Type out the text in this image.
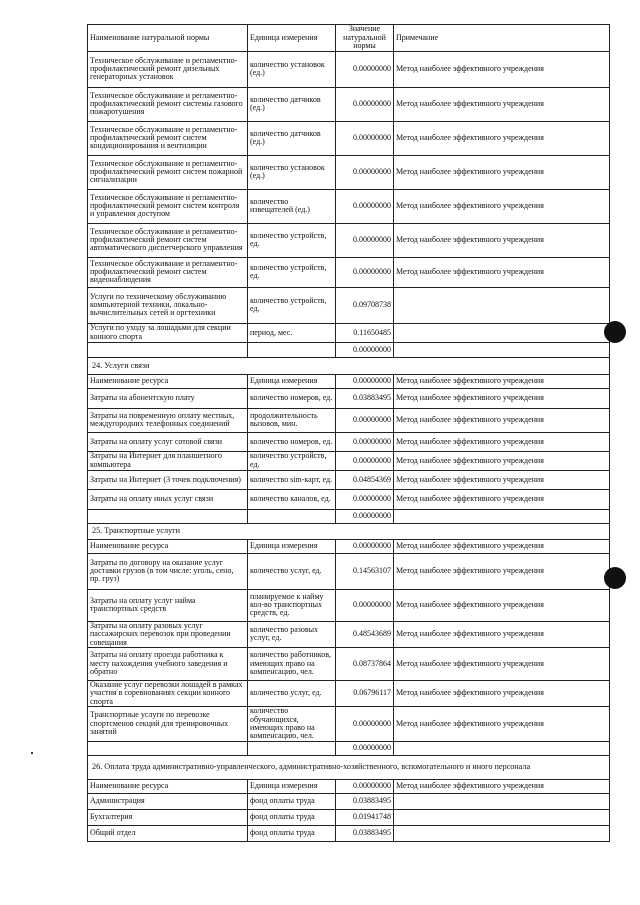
Наименование натуральной нормы	Единица измерения	Значение натуральной нормы	Примечание
Техническое обслуживание и регламентно-профилактический ремонт дизельных генераторных установок	количество установок (ед.)	0.00000000	Метод наиболее эффективного учреждения
Техническое обслуживание и регламентно-профилактический ремонт системы газового пожаротушения	количество датчиков (ед.)	0.00000000	Метод наиболее эффективного учреждения
Техническое обслуживание и регламентно-профилактический ремонт систем кондиционирования и вентиляции	количество датчиков (ед.)	0.00000000	Метод наиболее эффективного учреждения
Техническое обслуживание и регламентно-профилактический ремонт систем пожарной сигнализации	количество установок (ед.)	0.00000000	Метод наиболее эффективного учреждения
Техническое обслуживание и регламентно-профилактический ремонт систем контроля и управления доступом	количество извещателей (ед.)	0.00000000	Метод наиболее эффективного учреждения
Техническое обслуживание и регламентно-профилактический ремонт систем автоматического диспетчерского управления	количество устройств, ед.	0.00000000	Метод наиболее эффективного учреждения
Техническое обслуживание и регламентно-профилактический ремонт систем видеонаблюдения	количество устройств, ед.	0.00000000	Метод наиболее эффективного учреждения
Услуги по техническому обслуживанию компьютерной техники, локально-вычислительных сетей и оргтехники	количество устройств, ед.	0.09708738	
Услуги по уходу за лошадьми для секции конного спорта	период, мес.	0.11650485	
		0.00000000	
24. Услуги связи			
Наименование ресурса	Единица измерения	0.00000000	Метод наиболее эффективного учреждения
Затраты на абонентскую плату	количество номеров, ед.	0.03883495	Метод наиболее эффективного учреждения
Затраты на повременную оплату местных, междугородних телефонных соединений	продолжительность вызовов, мин.	0.00000000	Метод наиболее эффективного учреждения
Затраты на оплату услуг сотовой связи	количество номеров, ед.	0.00000000	Метод наиболее эффективного учреждения
Затраты на Интернет для планшетного компьютера	количество устройств, ед.	0.00000000	Метод наиболее эффективного учреждения
Затраты на Интернет (3 точек подключения)	количество sim-карт, ед.	0.04854369	Метод наиболее эффективного учреждения
Затраты на оплату иных услуг связи	количество каналов, ед.	0.00000000	Метод наиболее эффективного учреждения
		0.00000000	
25. Транспортные услуги			
Наименование ресурса	Единица измерения	0.00000000	Метод наиболее эффективного учреждения
Затраты по договору на оказание услуг доставки грузов (в том числе: уголь, сено, пр. груз)	количество услуг, ед.	0.14563107	Метод наиболее эффективного учреждения
Затраты на оплату услуг найма транспортных средств	планируемое к найму кол-во транспортных средств, ед.	0.00000000	Метод наиболее эффективного учреждения
Затраты на оплату разовых услуг пассажирских перевозок при проведении совещания	количество разовых услуг, ед.	0.48543689	Метод наиболее эффективного учреждения
Затраты на оплату проезда работника к месту нахождения учебного заведения и обратно	количество работников, имеющих право на компенсацию, чел.	0.08737864	Метод наиболее эффективного учреждения
Оказание услуг перевозки лошадей в рамках участия в соревнованиях секции конного спорта	количество услуг, ед.	0.06796117	Метод наиболее эффективного учреждения
Транспортные услуги по перевозке спортсменов секций для тренировочных занятий	количество обучающихся, имеющих право на компенсацию, чел.	0.00000000	Метод наиболее эффективного учреждения
		0.00000000	
26. Оплата труда административно-управленческого, административно-хозяйственного, вспомогательного и иного персонала			
Наименование ресурса	Единица измерения	0.00000000	Метод наиболее эффективного учреждения
Администрация	фонд оплаты труда	0.03883495	
Бухгалтерия	фонд оплаты труда	0.01941748	
Общий отдел	фонд оплаты труда	0.03883495	
